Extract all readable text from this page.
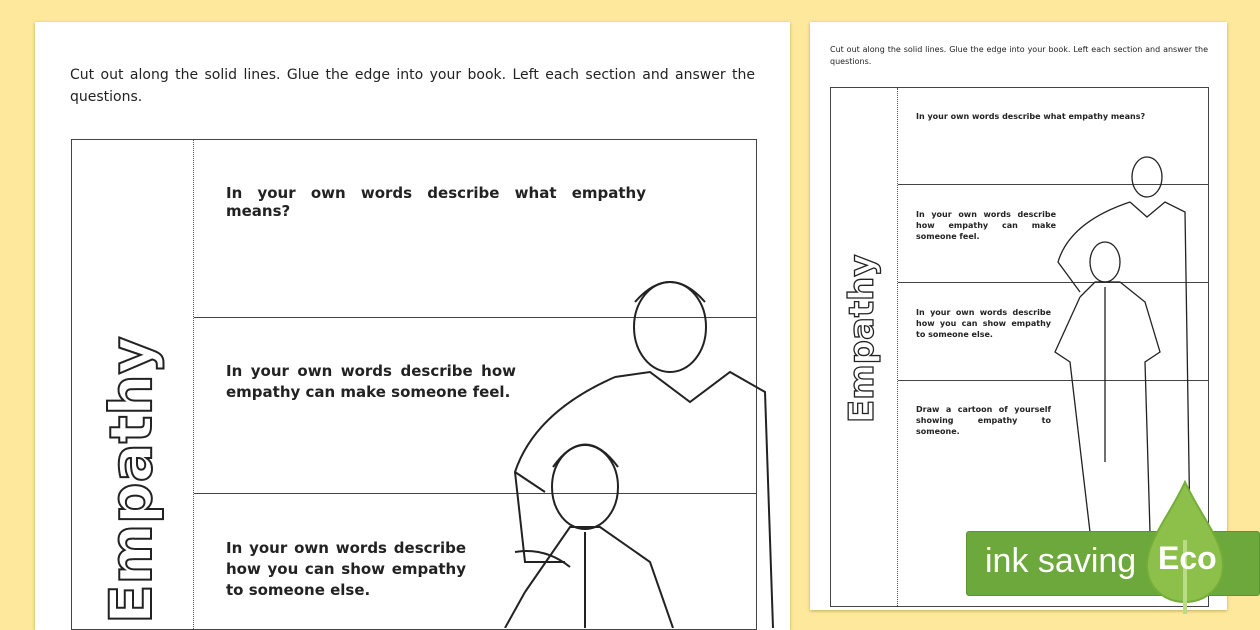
Cut out along the solid lines. Glue the edge into your book. Left each section and answer the questions.
In your own words describe what empathy means?
In your own words describe how empathy can make someone feel.
In your own words describe how you can show empathy to someone else.
Empathy
Cut out along the solid lines. Glue the edge into your book. Left each section and answer the questions.
In your own words describe what empathy means?
In your own words describe how empathy can make someone feel.
In your own words describe how you can show empathy to someone else.
Draw a cartoon of yourself showing empathy to someone.
Empathy
ink saving Eco
